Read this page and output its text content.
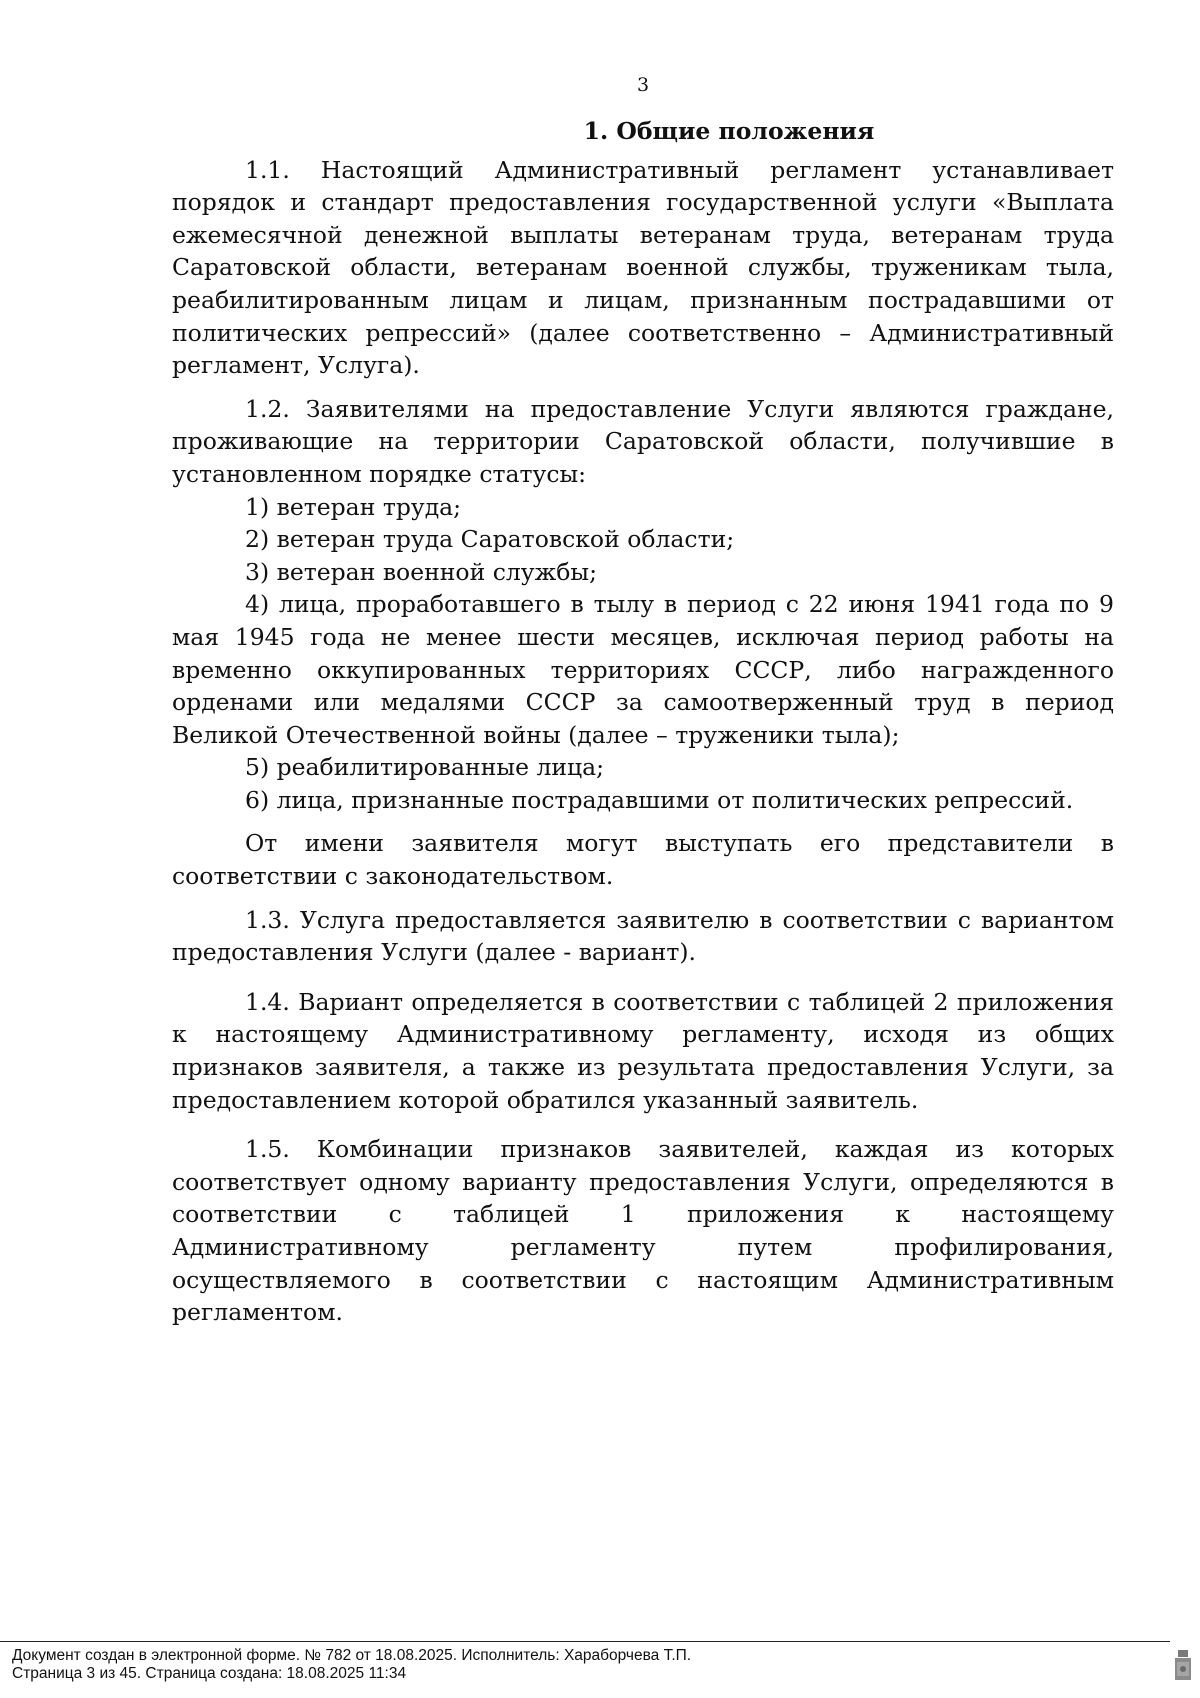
3
1. Общие положения

1.1. Настоящий Административный регламент устанавливает порядок и стандарт предоставления государственной услуги «Выплата ежемесячной денежной выплаты ветеранам труда, ветеранам труда Саратовской области, ветеранам военной службы, труженикам тыла, реабилитированным лицам и лицам, признанным пострадавшими от политических репрессий» (далее соответственно – Административный регламент, Услуга).

1.2. Заявителями на предоставление Услуги являются граждане, проживающие на территории Саратовской области, получившие в установленном порядке статусы:

1) ветеран труда;
2) ветеран труда Саратовской области;
3) ветеран военной службы;
4) лица, проработавшего в тылу в период с 22 июня 1941 года по 9 мая 1945 года не менее шести месяцев, исключая период работы на временно оккупированных территориях СССР, либо награжденного орденами или медалями СССР за самоотверженный труд в период Великой Отечественной войны (далее – труженики тыла);
5) реабилитированные лица;
6) лица, признанные пострадавшими от политических репрессий.

От имени заявителя могут выступать его представители в соответствии с законодательством.

1.3. Услуга предоставляется заявителю в соответствии с вариантом предоставления Услуги (далее - вариант).

1.4. Вариант определяется в соответствии с таблицей 2 приложения к настоящему Административному регламенту, исходя из общих признаков заявителя, а также из результата предоставления Услуги, за предоставлением которой обратился указанный заявитель.

1.5. Комбинации признаков заявителей, каждая из которых соответствует одному варианту предоставления Услуги, определяются в соответствии с таблицей 1 приложения к настоящему Административному регламенту путем профилирования, осуществляемого в соответствии с настоящим Административным регламентом.

Документ создан в электронной форме. № 782 от 18.08.2025. Исполнитель: Хараборчева Т.П.
Страница 3 из 45. Страница создана: 18.08.2025 11:34
